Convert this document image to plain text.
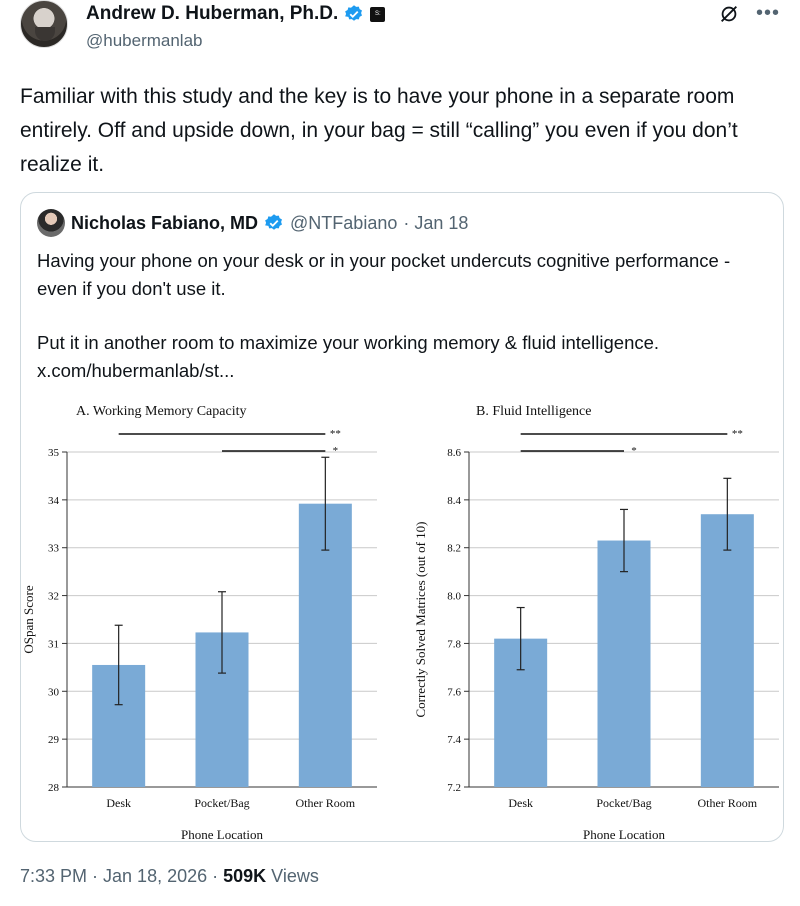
Andrew D. Huberman, Ph.D.	S:
@hubermanlab
•••
Familiar with this study and the key is to have your phone in a separate room entirely. Off and upside down, in your bag = still “calling” you even if you don’t realize it.
Nicholas Fabiano, MD @NTFabiano · Jan 18

Having your phone on your desk or in your pocket undercuts cognitive performance - even if you don't use it.

Put it in another room to maximize your working memory & fluid intelligence.
x.com/hubermanlab/st...
A. Working Memory Capacity
28
29
30
31
32
33
34
35
Desk	Pocket/Bag	Other Room
**
*
Phone Location
OSpan Score
B. Fluid Intelligence
7.2
7.4
7.6
7.8
8.0
8.2
8.4
8.6
Desk	Pocket/Bag	Other Room
**
*
Phone Location
Correctly Solved Matrices (out of 10)
7:33 PM · Jan 18, 2026 · 509K Views
